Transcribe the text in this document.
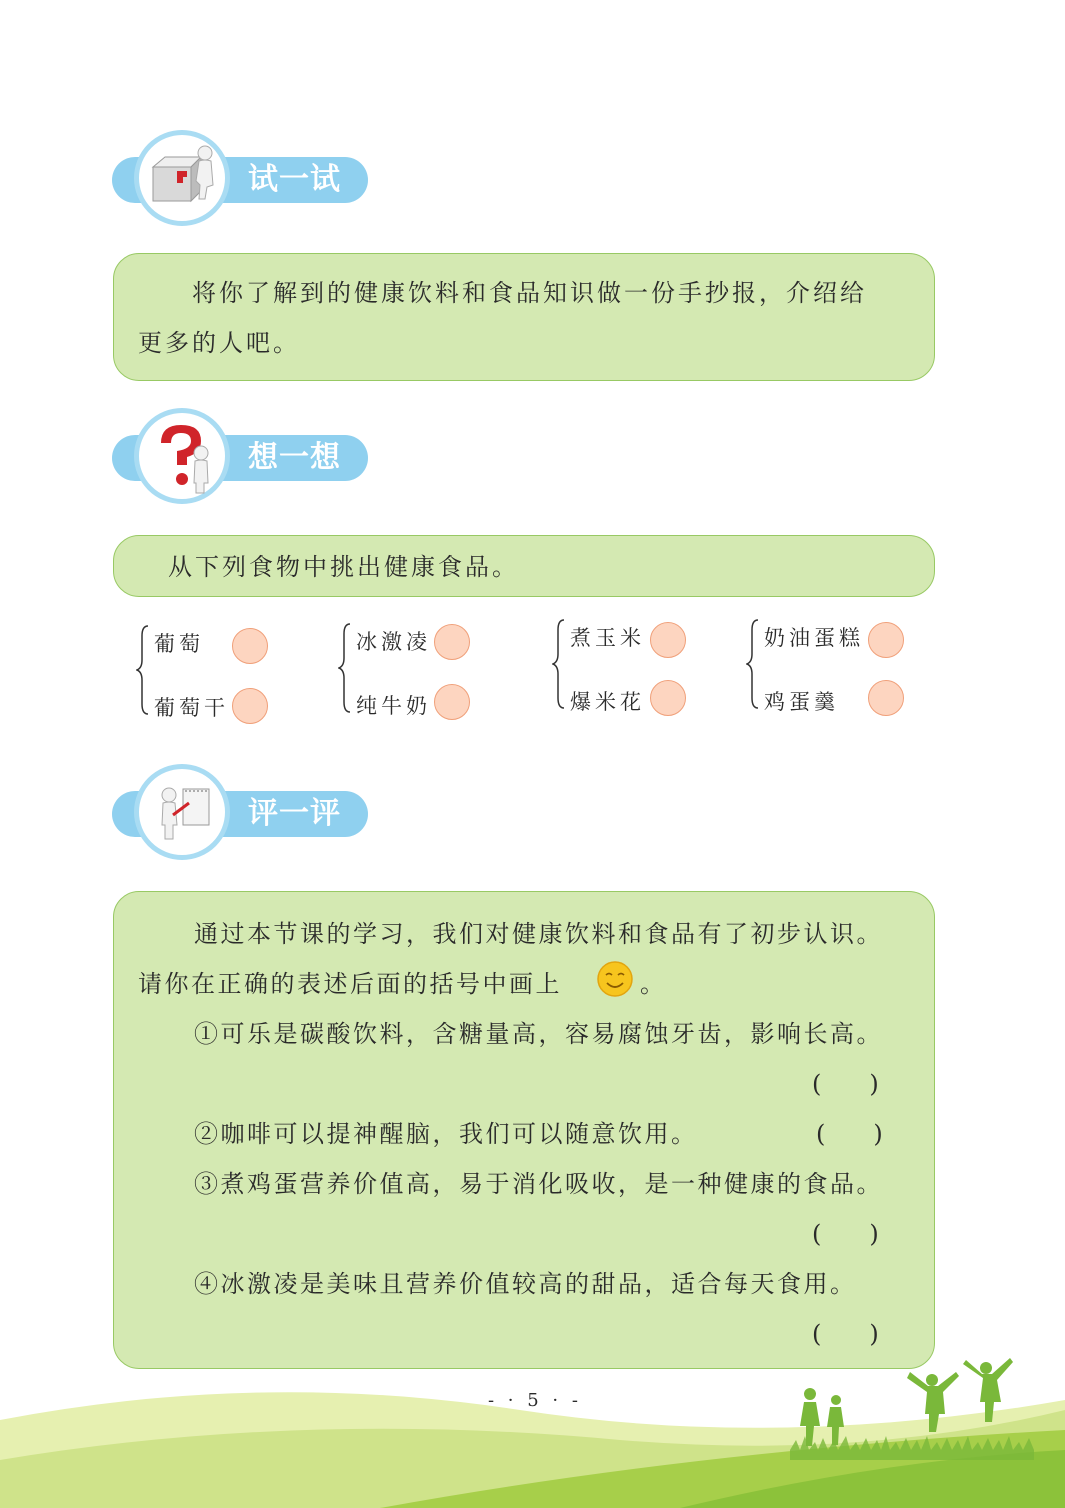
试一试
将你了解到的健康饮料和食品知识做一份手抄报，介绍给
更多的人吧。
想一想
从下列食物中挑出健康食品。
葡萄
葡萄干
冰激凌
纯牛奶
煮玉米
爆米花
奶油蛋糕
鸡蛋羹
评一评
通过本节课的学习，我们对健康饮料和食品有了初步认识。
请你在正确的表述后面的括号中画上	。
①可乐是碳酸饮料，含糖量高，容易腐蚀牙齿，影响长高。
(　　)
②咖啡可以提神醒脑，我们可以随意饮用。	(　　)
③煮鸡蛋营养价值高，易于消化吸收，是一种健康的食品。
(　　)
④冰激凌是美味且营养价值较高的甜品，适合每天食用。
(　　)
- · 5 · -
